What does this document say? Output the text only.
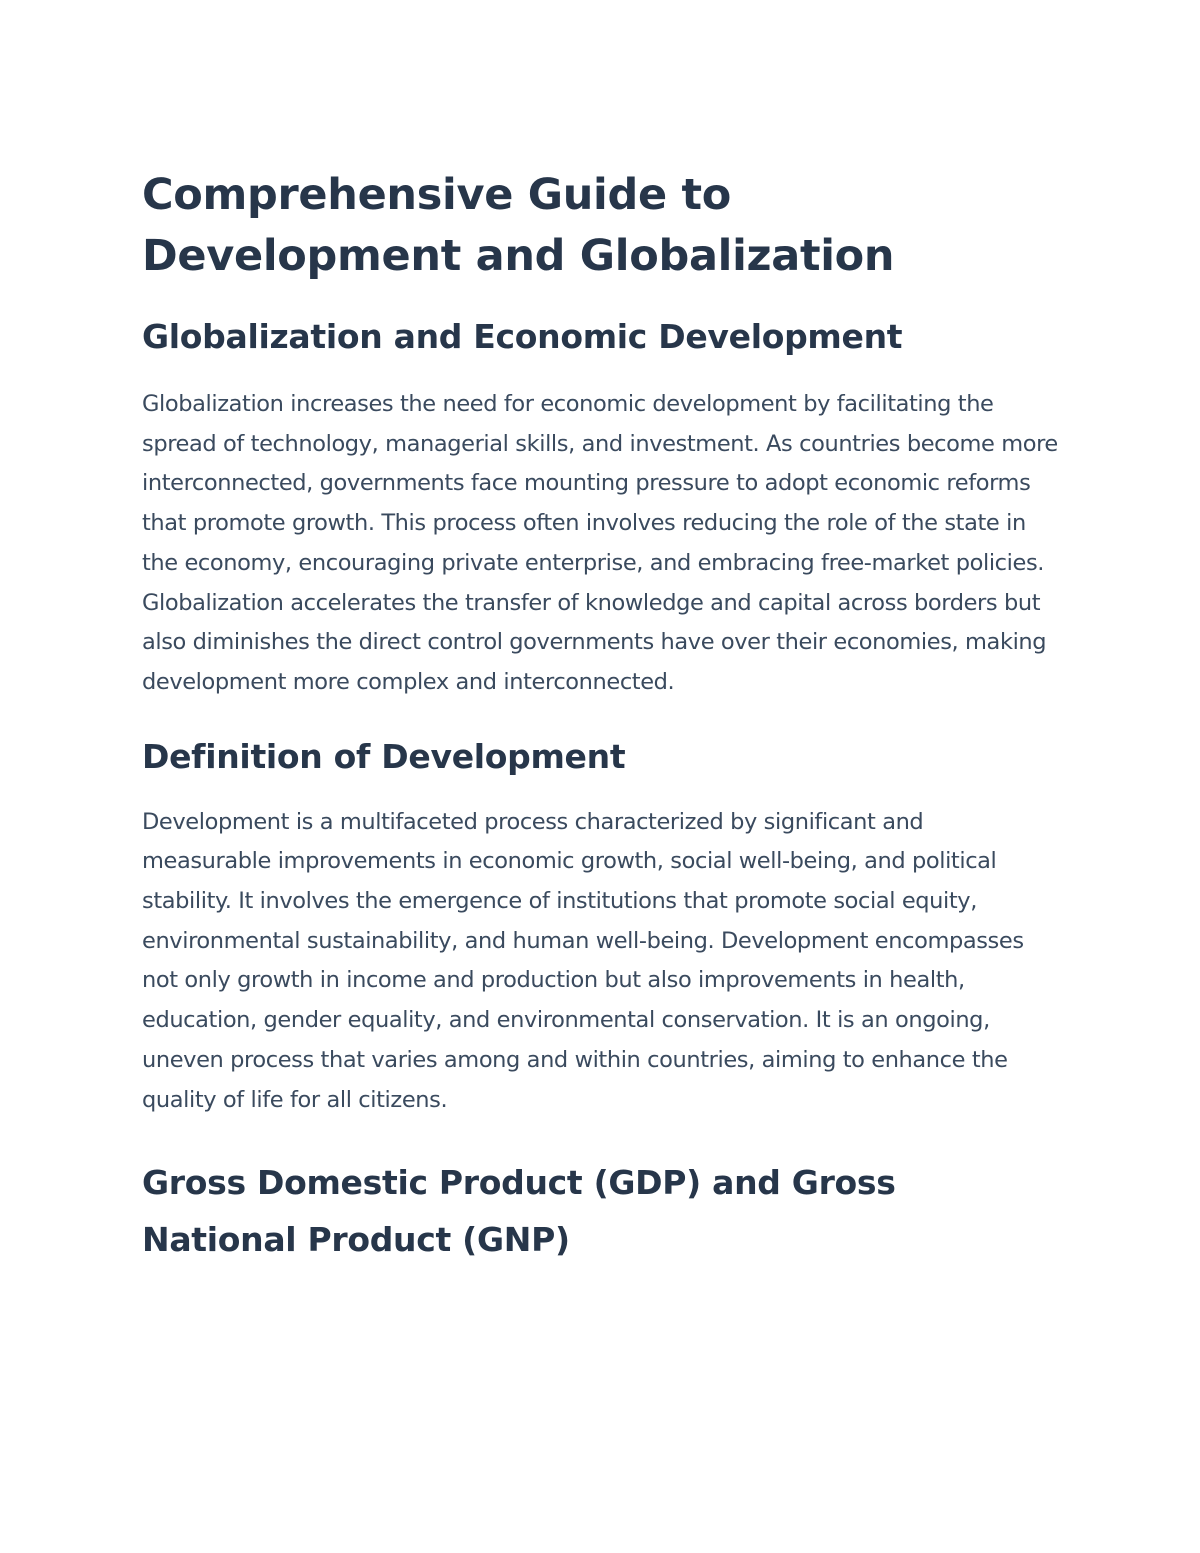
Comprehensive Guide to Development and Globalization
Globalization and Economic Development

Globalization increases the need for economic development by facilitating the spread of technology, managerial skills, and investment. As countries become more interconnected, governments face mounting pressure to adopt economic reforms that promote growth. This process often involves reducing the role of the state in the economy, encouraging private enterprise, and embracing free-market policies. Globalization accelerates the transfer of knowledge and capital across borders but also diminishes the direct control governments have over their economies, making development more complex and interconnected.

Definition of Development

Development is a multifaceted process characterized by significant and measurable improvements in economic growth, social well-being, and political stability. It involves the emergence of institutions that promote social equity, environmental sustainability, and human well-being. Development encompasses not only growth in income and production but also improvements in health, education, gender equality, and environmental conservation. It is an ongoing, uneven process that varies among and within countries, aiming to enhance the quality of life for all citizens.

Gross Domestic Product (GDP) and Gross National Product (GNP)
